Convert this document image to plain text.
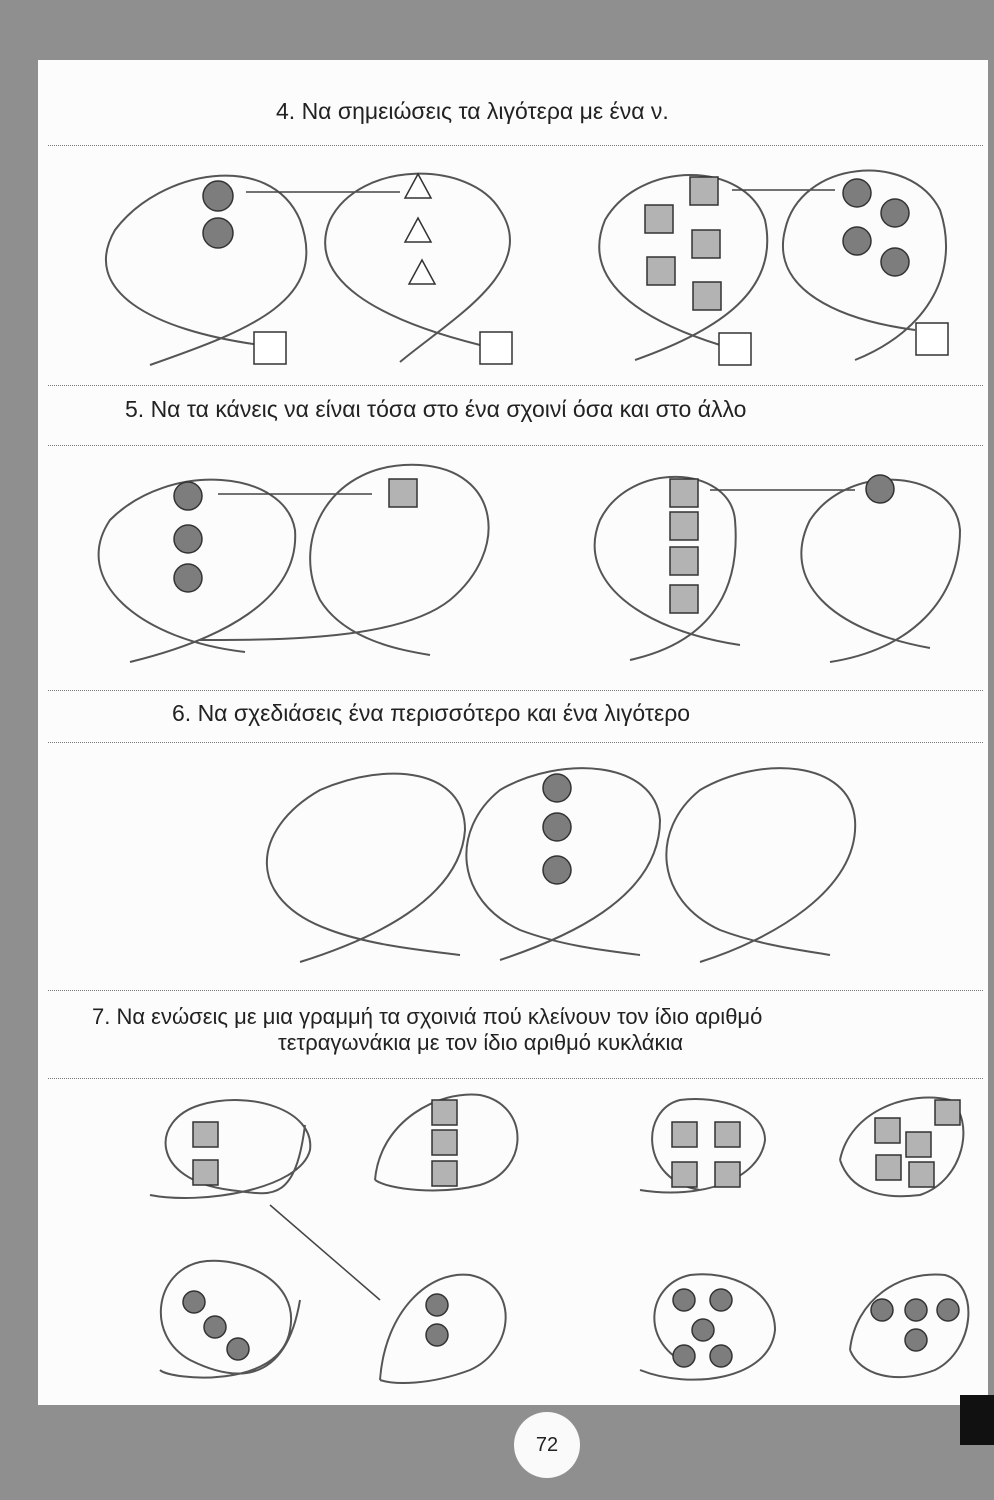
4. Να σημειώσεις τα λιγότερα με ένα ν.
5. Να τα κάνεις να είναι τόσα στο ένα σχοινί όσα και στο άλλο
6. Να σχεδιάσεις ένα περισσότερο και ένα λιγότερο
7. Να ενώσεις με μια γραμμή τα σχοινιά πού κλείνουν τον ίδιο αριθμό
τετραγωνάκια με τον ίδιο αριθμό κυκλάκια
72
